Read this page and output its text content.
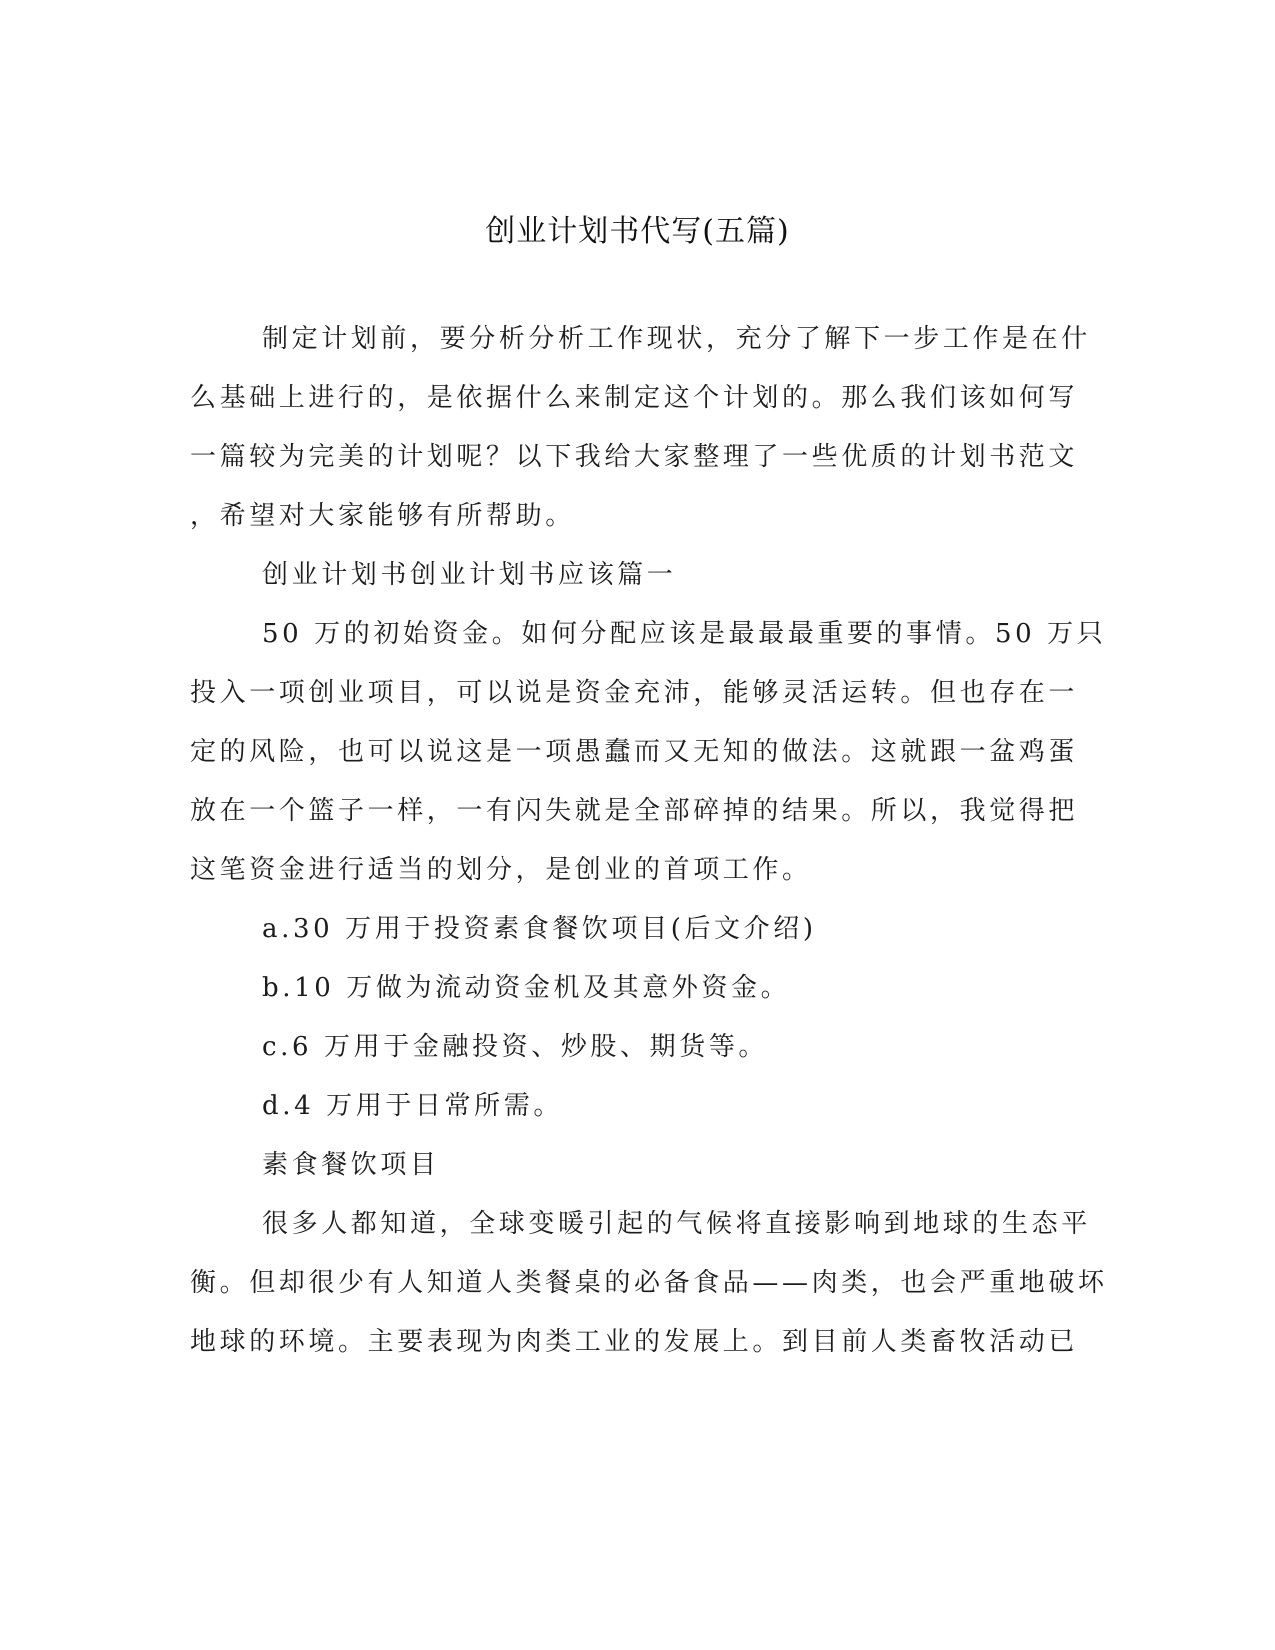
创业计划书代写(五篇)
制定计划前，要分析分析工作现状，充分了解下一步工作是在什
么基础上进行的，是依据什么来制定这个计划的。那么我们该如何写
一篇较为完美的计划呢？以下我给大家整理了一些优质的计划书范文
，希望对大家能够有所帮助。
创业计划书创业计划书应该篇一
50 万的初始资金。如何分配应该是最最最重要的事情。50 万只
投入一项创业项目，可以说是资金充沛，能够灵活运转。但也存在一
定的风险，也可以说这是一项愚蠢而又无知的做法。这就跟一盆鸡蛋
放在一个篮子一样，一有闪失就是全部碎掉的结果。所以，我觉得把
这笔资金进行适当的划分，是创业的首项工作。
a.30 万用于投资素食餐饮项目(后文介绍)
b.10 万做为流动资金机及其意外资金。
c.6 万用于金融投资、炒股、期货等。
d.4 万用于日常所需。
素食餐饮项目
很多人都知道，全球变暖引起的气候将直接影响到地球的生态平
衡。但却很少有人知道人类餐桌的必备食品——肉类，也会严重地破坏
地球的环境。主要表现为肉类工业的发展上。到目前人类畜牧活动已
